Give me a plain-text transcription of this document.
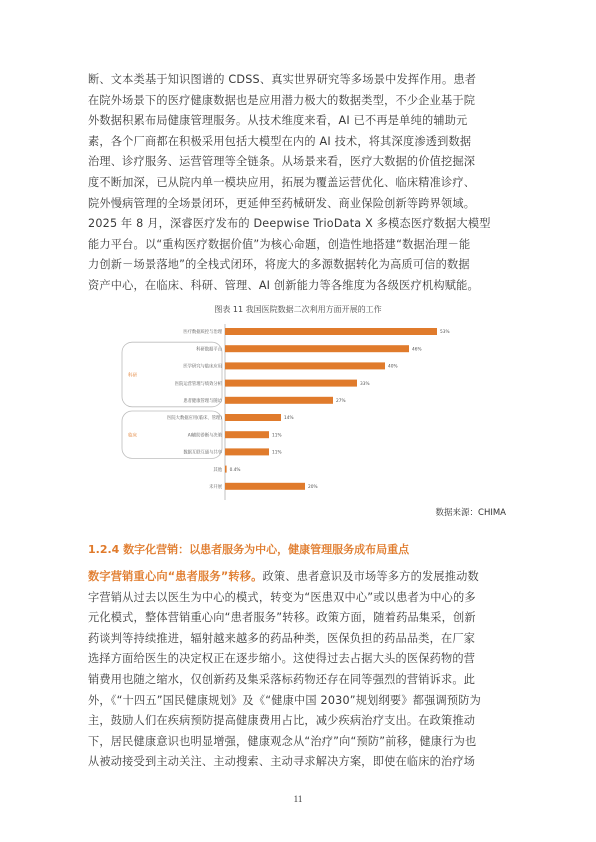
断、文本类基于知识图谱的 CDSS、真实世界研究等多场景中发挥作用。患者
在院外场景下的医疗健康数据也是应用潜力极大的数据类型，不少企业基于院
外数据积累布局健康管理服务。从技术维度来看，AI 已不再是单纯的辅助元
素，各个厂商都在积极采用包括大模型在内的 AI 技术，将其深度渗透到数据
治理、诊疗服务、运营管理等全链条。从场景来看，医疗大数据的价值挖掘深
度不断加深，已从院内单一模块应用，拓展为覆盖运营优化、临床精准诊疗、
院外慢病管理的全场景闭环，更延伸至药械研发、商业保险创新等跨界领域。
2025 年 8 月，深睿医疗发布的 Deepwise TrioData X 多模态医疗数据大模型
能力平台。以“重构医疗数据价值”为核心命题，创造性地搭建“数据治理－能
力创新－场景落地”的全栈式闭环，将庞大的多源数据转化为高质可信的数据
资产中心，在临床、科研、管理、AI 创新能力等各维度为各级医疗机构赋能。
图表 11 我国医院数据二次利用方面开展的工作
科研
临床
医疗数据质控与治理	53%
科研数据平台	46%
医学研究与临床应用	40%
医院运营管理与绩效分析	33%
患者健康管理与随访	27%
医院大数据应用(临床、管理)	14%
AI辅助诊断与决策	11%
数据互联互通与共享	11%
其他 0.4%
未开展	20%
数据来源：CHIMA
1.2.4 数字化营销：以患者服务为中心，健康管理服务成布局重点
数字营销重心向“患者服务”转移。政策、患者意识及市场等多方的发展推动数
字营销从过去以医生为中心的模式，转变为“医患双中心”或以患者为中心的多
元化模式，整体营销重心向“患者服务”转移。政策方面，随着药品集采，创新
药谈判等持续推进，辐射越来越多的药品种类，医保负担的药品品类，在厂家
选择方面给医生的决定权正在逐步缩小。这使得过去占据大头的医保药物的营
销费用也随之缩水，仅创新药及集采落标药物还存在同等强烈的营销诉求。此
外，《“十四五”国民健康规划》及《“健康中国 2030”规划纲要》都强调预防为
主，鼓励人们在疾病预防提高健康费用占比，减少疾病治疗支出。在政策推动
下，居民健康意识也明显增强，健康观念从“治疗”向“预防”前移，健康行为也
从被动接受到主动关注、主动搜索、主动寻求解决方案，即使在临床的治疗场
11
